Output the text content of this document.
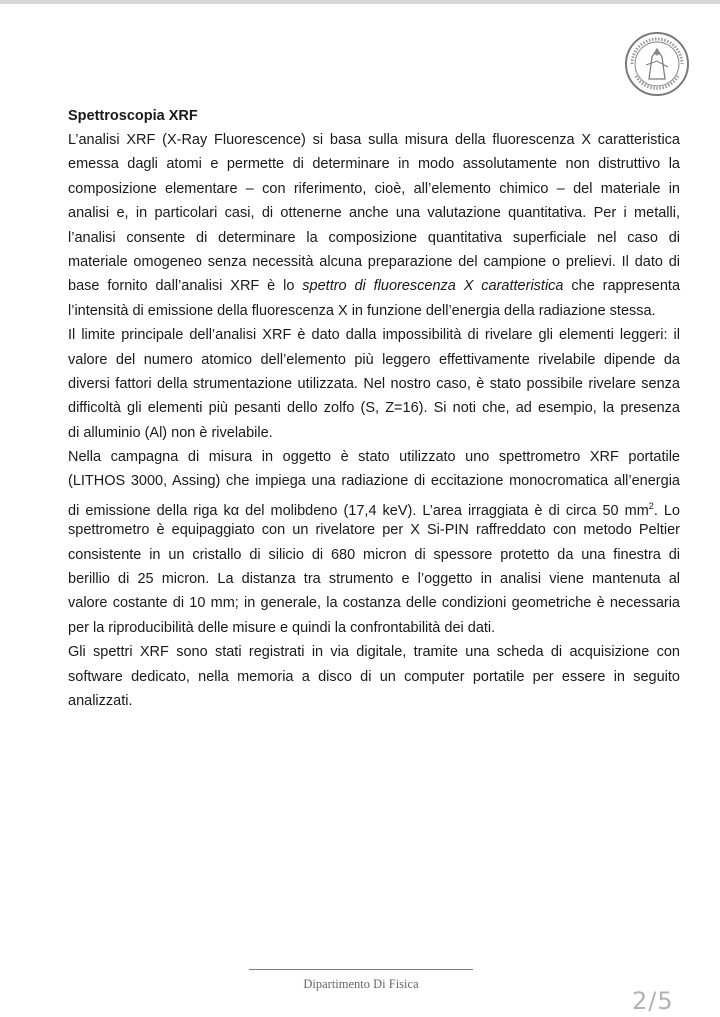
Spettroscopia XRF
L’analisi XRF (X-Ray Fluorescence) si basa sulla misura della fluorescenza X caratteristica
emessa dagli atomi e permette di determinare in modo assolutamente non distruttivo la
composizione elementare – con riferimento, cioè, all’elemento chimico – del materiale in
analisi e, in particolari casi, di ottenerne anche una valutazione quantitativa. Per i metalli,
l’analisi consente di determinare la composizione quantitativa superficiale nel caso di
materiale omogeneo senza necessità alcuna preparazione del campione o prelievi. Il dato di
base fornito dall’analisi XRF è lo spettro di fluorescenza X caratteristica che rappresenta
l’intensità di emissione della fluorescenza X in funzione dell’energia della radiazione stessa.
Il limite principale dell’analisi XRF è dato dalla impossibilità di rivelare gli elementi leggeri: il
valore del numero atomico dell’elemento più leggero effettivamente rivelabile dipende da
diversi fattori della strumentazione utilizzata. Nel nostro caso, è stato possibile rivelare senza
difficoltà gli elementi più pesanti dello zolfo (S, Z=16). Si noti che, ad esempio, la presenza
di alluminio (Al) non è rivelabile.
Nella campagna di misura in oggetto è stato utilizzato uno spettrometro XRF portatile
(LITHOS 3000, Assing) che impiega una radiazione di eccitazione monocromatica all’energia
di emissione della riga kα del molibdeno (17,4 keV). L’area irraggiata è di circa 50 $mm^2$. Lo
spettrometro è equipaggiato con un rivelatore per X Si-PIN raffreddato con metodo Peltier
consistente in un cristallo di silicio di 680 micron di spessore protetto da una finestra di
berillio di 25 micron. La distanza tra strumento e l’oggetto in analisi viene mantenuta al
valore costante di 10 mm; in generale, la costanza delle condizioni geometriche è necessaria
per la riproducibilità delle misure e quindi la confrontabilità dei dati.
Gli spettri XRF sono stati registrati in via digitale, tramite una scheda di acquisizione con
software dedicato, nella memoria a disco di un computer portatile per essere in seguito
analizzati.
Dipartimento Di Fisica
2/5
